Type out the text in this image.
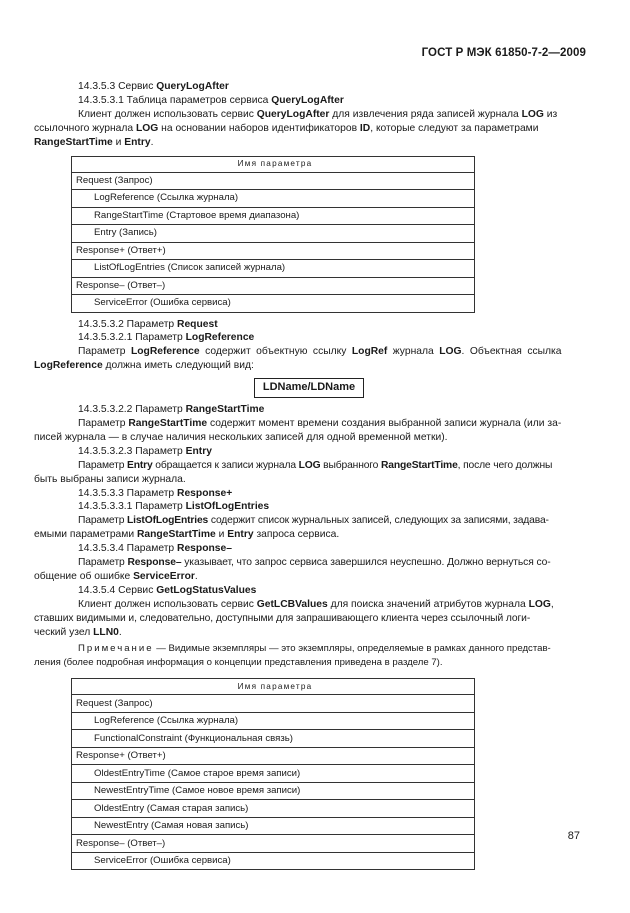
ГОСТ Р МЭК 61850-7-2—2009

14.3.5.3 Сервис QueryLogAfter

14.3.5.3.1 Таблица параметров сервиса QueryLogAfter

Клиент должен использовать сервис QueryLogAfter для извлечения ряда записей журнала LOG из

ссылочного журнала LOG на основании наборов идентификаторов ID, которые следуют за параметрами

RangeStartTime и Entry.

Имя параметра
Request (Запрос)
LogReference (Ссылка журнала)
RangeStartTime (Стартовое время диапазона)
Entry (Запись)
Response+ (Ответ+)
ListOfLogEntries (Список записей журнала)
Response– (Ответ–)
ServiceError (Ошибка сервиса)

14.3.5.3.2 Параметр Request

14.3.5.3.2.1 Параметр LogReference

Параметр LogReference содержит объектную ссылку LogRef журнала LOG. Объектная ссылка

LogReference должна иметь следующий вид:

LDName/LDName

14.3.5.3.2.2 Параметр RangeStartTime

Параметр RangeStartTime содержит момент времени создания выбранной записи журнала (или за-

писей журнала — в случае наличия нескольких записей для одной временной метки).

14.3.5.3.2.3 Параметр Entry

Параметр Entry обращается к записи журнала LOG выбранного RangeStartTime, после чего должны

быть выбраны записи журнала.

14.3.5.3.3 Параметр Response+

14.3.5.3.3.1 Параметр ListOfLogEntries

Параметр ListOfLogEntries содержит список журнальных записей, следующих за записями, задава-

емыми параметрами RangeStartTime и Entry запроса сервиса.

14.3.5.3.4 Параметр Response–

Параметр Response– указывает, что запрос сервиса завершился неуспешно. Должно вернуться со-

общение об ошибке ServiceError.

14.3.5.4 Сервис GetLogStatusValues

Клиент должен использовать сервис GetLCBValues для поиска значений атрибутов журнала LOG,

ставших видимыми и, следовательно, доступными для запрашивающего клиента через ссылочный логи-

ческий узел LLN0.

Примечание — Видимые экземпляры — это экземпляры, определяемые в рамках данного представ-

ления (более подробная информация о концепции представления приведена в разделе 7).

Имя параметра
Request (Запрос)
LogReference (Ссылка журнала)
FunctionalConstraint (Функциональная связь)
Response+ (Ответ+)
OldestEntryTime (Самое старое время записи)
NewestEntryTime (Самое новое время записи)
OldestEntry (Самая старая запись)
NewestEntry (Самая новая запись)
Response– (Ответ–)
ServiceError (Ошибка сервиса)
87
